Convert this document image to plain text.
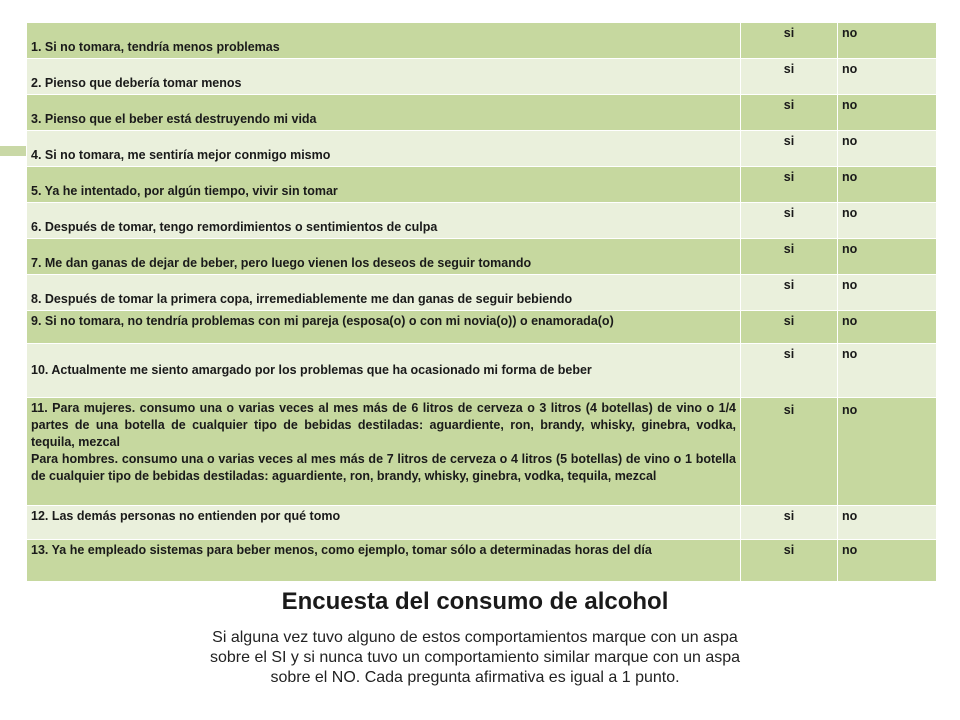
1. Si no tomara, tendría menos problemas	si	no
2. Pienso que debería tomar menos	si	no
3. Pienso que el beber está destruyendo mi vida	si	no
4. Si no tomara, me sentiría mejor conmigo mismo	si	no
5. Ya he intentado, por algún tiempo, vivir sin tomar	si	no
6. Después de tomar, tengo remordimientos o sentimientos de culpa	si	no
7. Me dan ganas de dejar de beber, pero luego vienen los deseos de seguir tomando	si	no
8. Después de tomar la primera copa, irremediablemente me dan ganas de seguir bebiendo	si	no
9. Si no tomara, no tendría problemas con mi pareja (esposa(o) o con mi novia(o)) o enamorada(o)	si	no
10. Actualmente me siento amargado por los problemas que ha ocasionado mi forma de beber	si	no

11. Para mujeres. consumo una o varias veces al mes más de 6 litros de cerveza o 3 litros (4 botellas) de vino o 1/4 partes de una botella de cualquier tipo de bebidas destiladas: aguardiente, ron, brandy, whisky, ginebra, vodka, tequila, mezcal
Para hombres. consumo una o varias veces al mes más de 7 litros de cerveza o 4 litros (5 botellas) de vino o 1 botella de cualquier tipo de bebidas destiladas: aguardiente, ron, brandy, whisky, ginebra, vodka, tequila, mezcal	si	no
12. Las demás personas no entienden por qué tomo	si	no
13. Ya he empleado sistemas para beber menos, como ejemplo, tomar sólo a determinadas horas del día	si	no
Encuesta del consumo de alcohol
Si alguna vez tuvo alguno de estos comportamientos marque con un aspa sobre el SI y si nunca tuvo un comportamiento similar marque con un aspa sobre el NO. Cada pregunta afirmativa es igual a 1 punto.
